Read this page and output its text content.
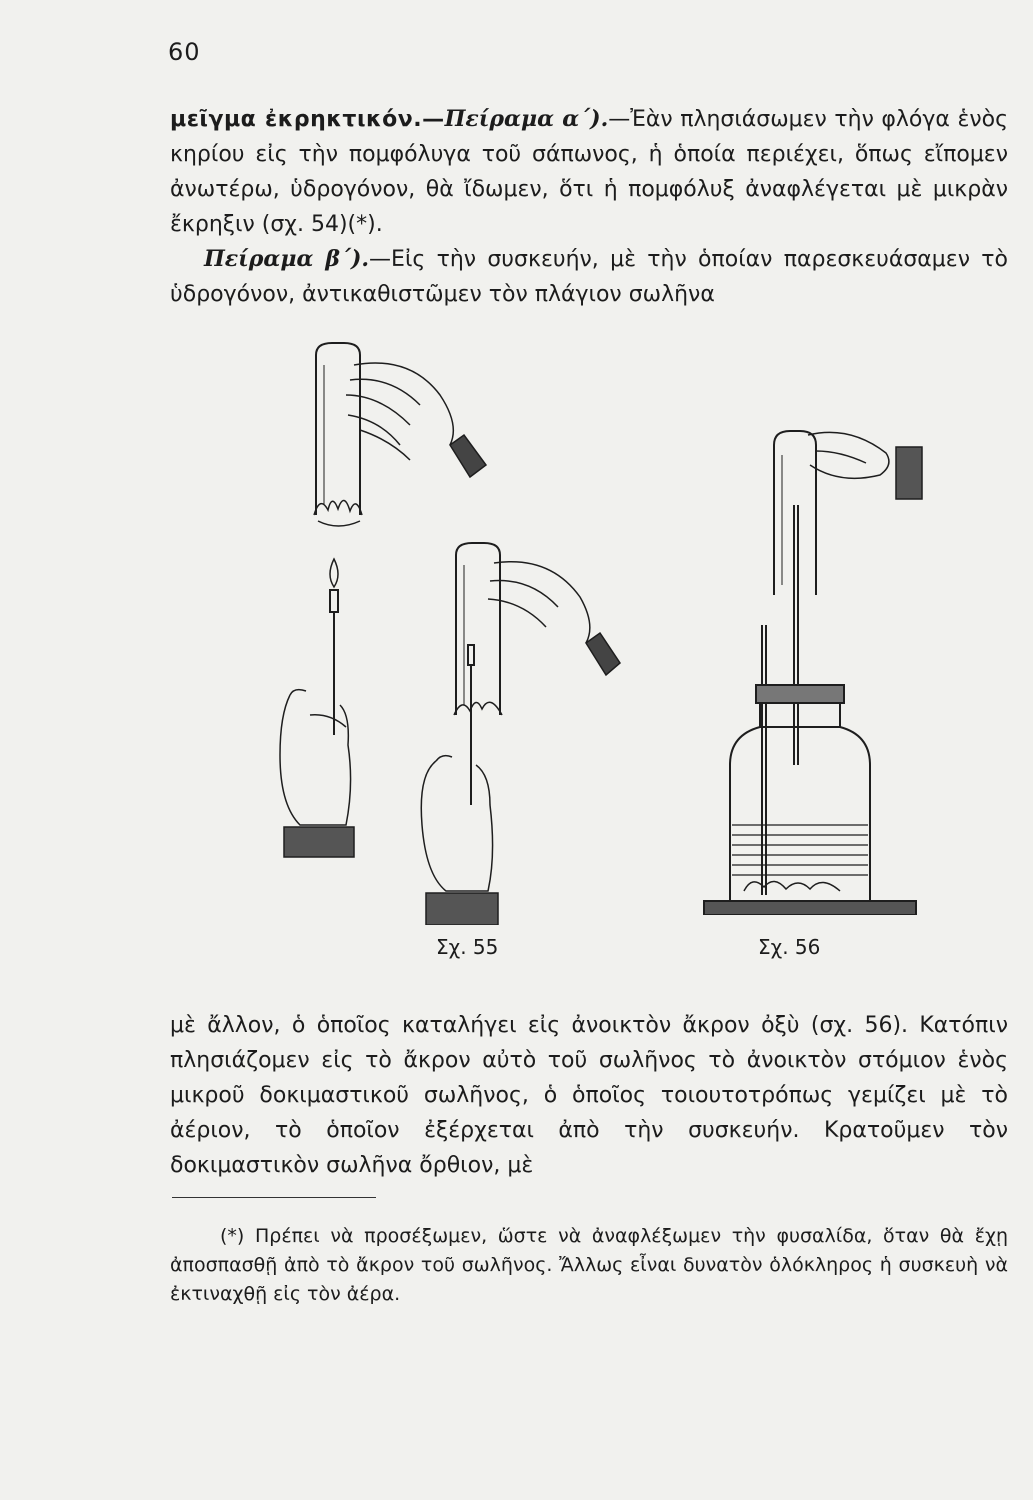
60

μεῖγμα ἐκρηκτικόν.—Πείραμα α΄).—Ἐὰν πλησιάσωμεν τὴν φλόγα ἑνὸς κηρίου εἰς τὴν πομφόλυγα τοῦ σάπωνος, ἡ ὁποία περιέχει, ὅπως εἴπομεν ἀνωτέρω, ὑδρογόνον, θὰ ἴδωμεν, ὅτι ἡ πομφόλυξ ἀναφλέγεται μὲ μικρὰν ἔκρηξιν (σχ. 54)(*).

Πείραμα β΄).—Εἰς τὴν συσκευήν, μὲ τὴν ὁποίαν παρεσκευάσαμεν τὸ ὑδρογόνον, ἀντικαθιστῶμεν τὸν πλάγιον σωλῆνα

Σχ. 55	Σχ. 56

μὲ ἄλλον, ὁ ὁποῖος καταλήγει εἰς ἀνοικτὸν ἄκρον ὀξὺ (σχ. 56). Κατόπιν πλησιάζομεν εἰς τὸ ἄκρον αὐτὸ τοῦ σωλῆνος τὸ ἀνοικτὸν στόμιον ἑνὸς μικροῦ δοκιμαστικοῦ σωλῆνος, ὁ ὁποῖος τοιουτοτρόπως γεμίζει μὲ τὸ ἀέριον, τὸ ὁποῖον ἐξέρχεται ἀπὸ τὴν συσκευήν. Κρατοῦμεν τὸν δοκιμαστικὸν σωλῆνα ὄρθιον, μὲ

(*) Πρέπει νὰ προσέξωμεν, ὥστε νὰ ἀναφλέξωμεν τὴν φυσαλίδα, ὅταν θὰ ἔχῃ ἀποσπασθῇ ἀπὸ τὸ ἄκρον τοῦ σωλῆνος. Ἄλλως εἶναι δυνατὸν ὁλόκληρος ἡ συσκευὴ νὰ ἐκτιναχθῇ εἰς τὸν ἀέρα.
